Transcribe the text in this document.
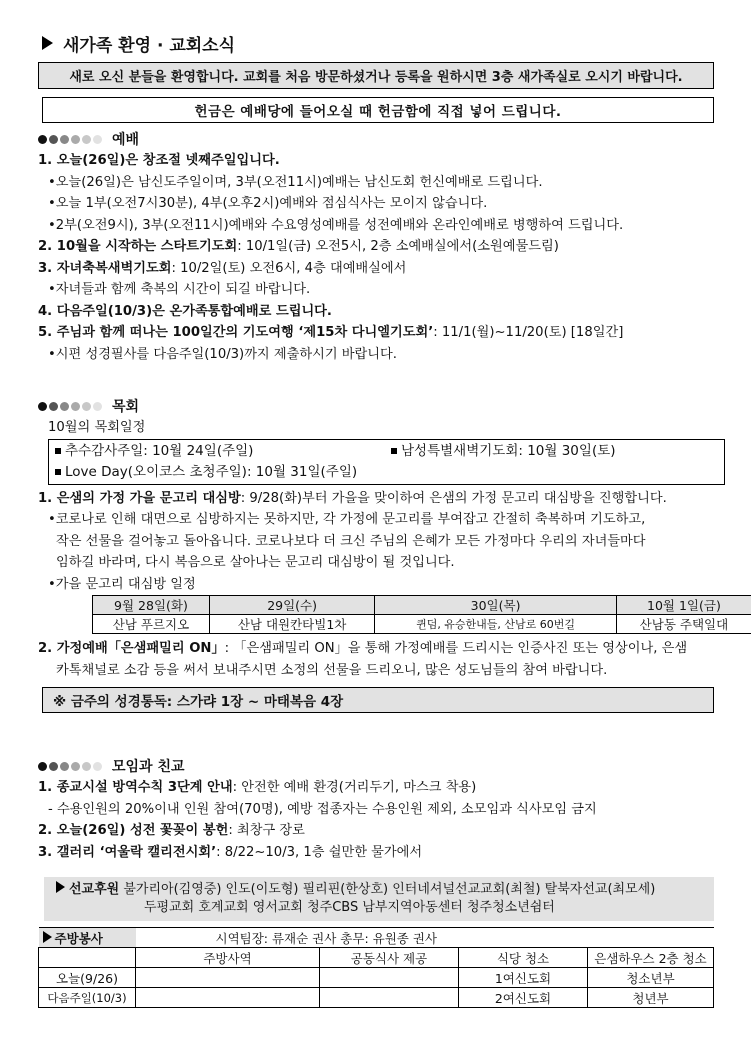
새가족 환영 · 교회소식
새로 오신 분들을 환영합니다. 교회를 처음 방문하셨거나 등록을 원하시면 3층 새가족실로 오시기 바랍니다.
헌금은 예배당에 들어오실 때 헌금함에 직접 넣어 드립니다.
예배
1. 오늘(26일)은 창조절 넷째주일입니다.
•오늘(26일)은 남신도주일이며, 3부(오전11시)예배는 남신도회 헌신예배로 드립니다.
•오늘 1부(오전7시30분), 4부(오후2시)예배와 점심식사는 모이지 않습니다.
•2부(오전9시), 3부(오전11시)예배와 수요영성예배를 성전예배와 온라인예배로 병행하여 드립니다.
2. 10월을 시작하는 스타트기도회: 10/1일(금) 오전5시, 2층 소예배실에서(소원예물드림)
3. 자녀축복새벽기도회: 10/2일(토) 오전6시, 4층 대예배실에서
•자녀들과 함께 축복의 시간이 되길 바랍니다.
4. 다음주일(10/3)은 온가족통합예배로 드립니다.
5. 주님과 함께 떠나는 100일간의 기도여행 ‘제15차 다니엘기도회’: 11/1(월)~11/20(토) [18일간]
•시편 성경필사를 다음주일(10/3)까지 제출하시기 바랍니다.
목회
10월의 목회일정
추수감사주일: 10월 24일(주일)	남성특별새벽기도회: 10월 30일(토)
Love Day(오이코스 초청주일): 10월 31일(주일)
1. 은샘의 가정 가을 문고리 대심방: 9/28(화)부터 가을을 맞이하여 은샘의 가정 문고리 대심방을 진행합니다.
•코로나로 인해 대면으로 심방하지는 못하지만, 각 가정에 문고리를 부여잡고 간절히 축복하며 기도하고,
작은 선물을 걸어놓고 돌아옵니다. 코로나보다 더 크신 주님의 은혜가 모든 가정마다 우리의 자녀들마다
임하길 바라며, 다시 복음으로 살아나는 문고리 대심방이 될 것입니다.
•가을 문고리 대심방 일정
9월 28일(화)	29일(수)	30일(목)	10월 1일(금)
산남 푸르지오	산남 대원칸타빌1차	퀸덤, 유승한내들, 산남로 60번길	산남동 주택일대
2. 가정예배「은샘패밀리 ON」: 「은샘패밀리 ON」을 통해 가정예배를 드리시는 인증사진 또는 영상이나, 은샘
카톡채널로 소감 등을 써서 보내주시면 소정의 선물을 드리오니, 많은 성도님들의 참여 바랍니다.
※ 금주의 성경통독: 스가랴 1장 ~ 마태복음 4장
모임과 친교
1. 종교시설 방역수칙 3단계 안내: 안전한 예배 환경(거리두기, 마스크 착용)
- 수용인원의 20%이내 인원 참여(70명), 예방 접종자는 수용인원 제외, 소모임과 식사모임 금지
2. 오늘(26일) 성전 꽃꽂이 봉헌: 최창구 장로
3. 갤러리 ‘여울락 캘리전시회’: 8/22~10/3, 1층 쉴만한 물가에서
선교후원 불가리아(김영중) 인도(이도형) 필리핀(한상호) 인터네셔널선교교회(최철) 탈북자선교(최모세)
두평교회 호계교회 영서교회 청주CBS 남부지역아동센터 청주청소년쉼터
주방봉사	시역팀장: 류재순 권사 총무: 유원종 권사			
	주방사역	공동식사 제공	식당 청소	은샘하우스 2층 청소
오늘(9/26)			1여신도회	청소년부
다음주일(10/3)			2여신도회	청년부
